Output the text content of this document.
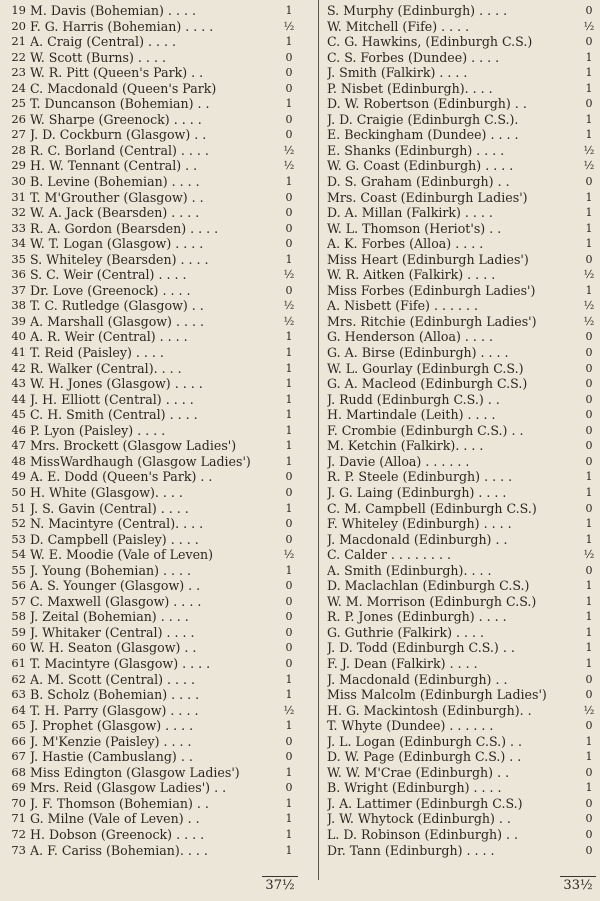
19 M. Davis (Bohemian) . . . .	1	S. Murphy (Edinburgh) . . . .	0
20 F. G. Harris (Bohemian) . . . .	½	W. Mitchell (Fife) . . . .	½
21 A. Craig (Central) . . . .	1	C. G. Hawkins, (Edinburgh C.S.)	0
22 W. Scott (Burns) . . . .	0	C. S. Forbes (Dundee) . . . .	1
23 W. R. Pitt (Queen's Park) . .	0	J. Smith (Falkirk) . . . .	1
24 C. Macdonald (Queen's Park)	0	P. Nisbet (Edinburgh). . . .	1
25 T. Duncanson (Bohemian) . .	1	D. W. Robertson (Edinburgh) . .	0
26 W. Sharpe (Greenock) . . . .	0	J. D. Craigie (Edinburgh C.S.).	1
27 J. D. Cockburn (Glasgow) . .	0	E. Beckingham (Dundee) . . . .	1
28 R. C. Borland (Central) . . . .	½	E. Shanks (Edinburgh) . . . .	½
29 H. W. Tennant (Central) . .	½	W. G. Coast (Edinburgh) . . . .	½
30 B. Levine (Bohemian) . . . .	1	D. S. Graham (Edinburgh) . .	0
31 T. M'Grouther (Glasgow) . .	0	Mrs. Coast (Edinburgh Ladies')	1
32 W. A. Jack (Bearsden) . . . .	0	D. A. Millan (Falkirk) . . . .	1
33 R. A. Gordon (Bearsden) . . . .	0	W. L. Thomson (Heriot's) . .	1
34 W. T. Logan (Glasgow) . . . .	0	A. K. Forbes (Alloa) . . . .	1
35 S. Whiteley (Bearsden) . . . .	1	Miss Heart (Edinburgh Ladies')	0
36 S. C. Weir (Central) . . . .	½	W. R. Aitken (Falkirk) . . . .	½
37 Dr. Love (Greenock) . . . .	0	Miss Forbes (Edinburgh Ladies')	1
38 T. C. Rutledge (Glasgow) . .	½	A. Nisbett (Fife) . . . . . .	½
39 A. Marshall (Glasgow) . . . .	½	Mrs. Ritchie (Edinburgh Ladies')	½
40 A. R. Weir (Central) . . . .	1	G. Henderson (Alloa) . . . .	0
41 T. Reid (Paisley) . . . .	1	G. A. Birse (Edinburgh) . . . .	0
42 R. Walker (Central). . . .	1	W. L. Gourlay (Edinburgh C.S.)	0
43 W. H. Jones (Glasgow) . . . .	1	G. A. Macleod (Edinburgh C.S.)	0
44 J. H. Elliott (Central) . . . .	1	J. Rudd (Edinburgh C.S.) . .	0
45 C. H. Smith (Central) . . . .	1	H. Martindale (Leith) . . . .	0
46 P. Lyon (Paisley) . . . .	1	F. Crombie (Edinburgh C.S.) . .	0
47 Mrs. Brockett (Glasgow Ladies')	1	M. Ketchin (Falkirk). . . .	0
48 MissWardhaugh (Glasgow Ladies')	1	J. Davie (Alloa) . . . . . .	0
49 A. E. Dodd (Queen's Park) . .	0	R. P. Steele (Edinburgh) . . . .	1
50 H. White (Glasgow). . . .	0	J. G. Laing (Edinburgh) . . . .	1
51 J. S. Gavin (Central) . . . .	1	C. M. Campbell (Edinburgh C.S.)	0
52 N. Macintyre (Central). . . .	0	F. Whiteley (Edinburgh) . . . .	1
53 D. Campbell (Paisley) . . . .	0	J. Macdonald (Edinburgh) . .	1
54 W. E. Moodie (Vale of Leven)	½	C. Calder . . . . . . . .	½
55 J. Young (Bohemian) . . . .	1	A. Smith (Edinburgh). . . .	0
56 A. S. Younger (Glasgow) . .	0	D. Maclachlan (Edinburgh C.S.)	1
57 C. Maxwell (Glasgow) . . . .	0	W. M. Morrison (Edinburgh C.S.)	1
58 J. Zeital (Bohemian) . . . .	0	R. P. Jones (Edinburgh) . . . .	1
59 J. Whitaker (Central) . . . .	0	G. Guthrie (Falkirk) . . . .	1
60 W. H. Seaton (Glasgow) . .	0	J. D. Todd (Edinburgh C.S.) . .	1
61 T. Macintyre (Glasgow) . . . .	0	F. J. Dean (Falkirk) . . . .	1
62 A. M. Scott (Central) . . . .	1	J. Macdonald (Edinburgh) . .	0
63 B. Scholz (Bohemian) . . . .	1	Miss Malcolm (Edinburgh Ladies')	0
64 T. H. Parry (Glasgow) . . . .	½	H. G. Mackintosh (Edinburgh). .	½
65 J. Prophet (Glasgow) . . . .	1	T. Whyte (Dundee) . . . . . .	0
66 J. M'Kenzie (Paisley) . . . .	0	J. L. Logan (Edinburgh C.S.) . .	1
67 J. Hastie (Cambuslang) . .	0	D. W. Page (Edinburgh C.S.) . .	1
68 Miss Edington (Glasgow Ladies')	1	W. W. M'Crae (Edinburgh) . .	0
69 Mrs. Reid (Glasgow Ladies') . .	0	B. Wright (Edinburgh) . . . .	1
70 J. F. Thomson (Bohemian) . .	1	J. A. Lattimer (Edinburgh C.S.)	0
71 G. Milne (Vale of Leven) . .	1	J. W. Whytock (Edinburgh) . .	0
72 H. Dobson (Greenock) . . . .	1	L. D. Robinson (Edinburgh) . .	0
73 A. F. Cariss (Bohemian). . . .	1	Dr. Tann (Edinburgh) . . . .	0
37½	33½
